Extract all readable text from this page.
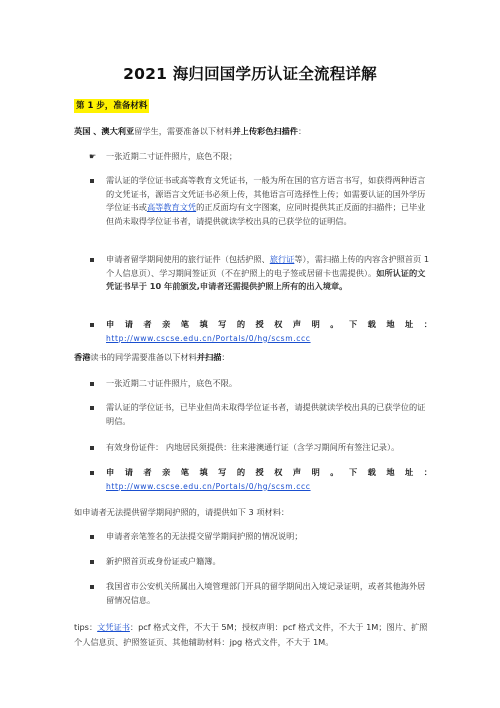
2021 海归回国学历认证全流程详解
第 1 步，准备材料
英国 、澳大利亚留学生，需要准备以下材料并上传彩色扫描件：
☛ 一张近期二寸证件照片，底色不限；
需认证的学位证书或高等教育文凭证书，一般为所在国的官方语言书写，如获得两种语言的文凭证书，源语言文凭证书必须上传，其他语言可选择性上传；如需要认证的国外学历学位证书或高等教育文凭的正反面均有文字图案，应同时提供其正反面的扫描件；已毕业但尚未取得学位证书者，请提供就读学校出具的已获学位的证明信。
申请者留学期间使用的旅行证件（包括护照、旅行证等），需扫描上传的内容含护照首页 1 个人信息页）、学习期间签证页（不在护照上的电子签或居留卡也需提供）。如所认证的文凭证书早于 10 年前颁发,申请者还需提供护照上所有的出入境章。
申 请 者 亲 笔 填 写 的 授 权 声 明 。 下 载 地 址 ：
http://www.cscse.edu.cn/Portals/0/hg/scsm.ccc
香港读书的同学需要准备以下材料并扫描：
一张近期二寸证件照片，底色不限。
需认证的学位证书，已毕业但尚未取得学位证书者，请提供就读学校出具的已获学位的证明信。
有效身份证件： 内地居民须提供：往来港澳通行证（含学习期间所有签注记录）。
申 请 者 亲 笔 填 写 的 授 权 声 明 。 下 载 地 址 ：
http://www.cscse.edu.cn/Portals/0/hg/scsm.ccc
如申请者无法提供留学期间护照的，请提供如下 3 项材料：
申请者亲笔签名的无法提交留学期间护照的情况说明；
新护照首页或身份证或户籍簿。
我国省市公安机关所属出入境管理部门开具的留学期间出入境记录证明，或者其他海外居留情况信息。
tips：文凭证书：pcf 格式文件，不大于 5M；授权声明：pcf 格式文件，不大于 1M；图片、扩照个人信息页、护照签证页、其他辅助材料：jpg 格式文件，不大于 1M。
